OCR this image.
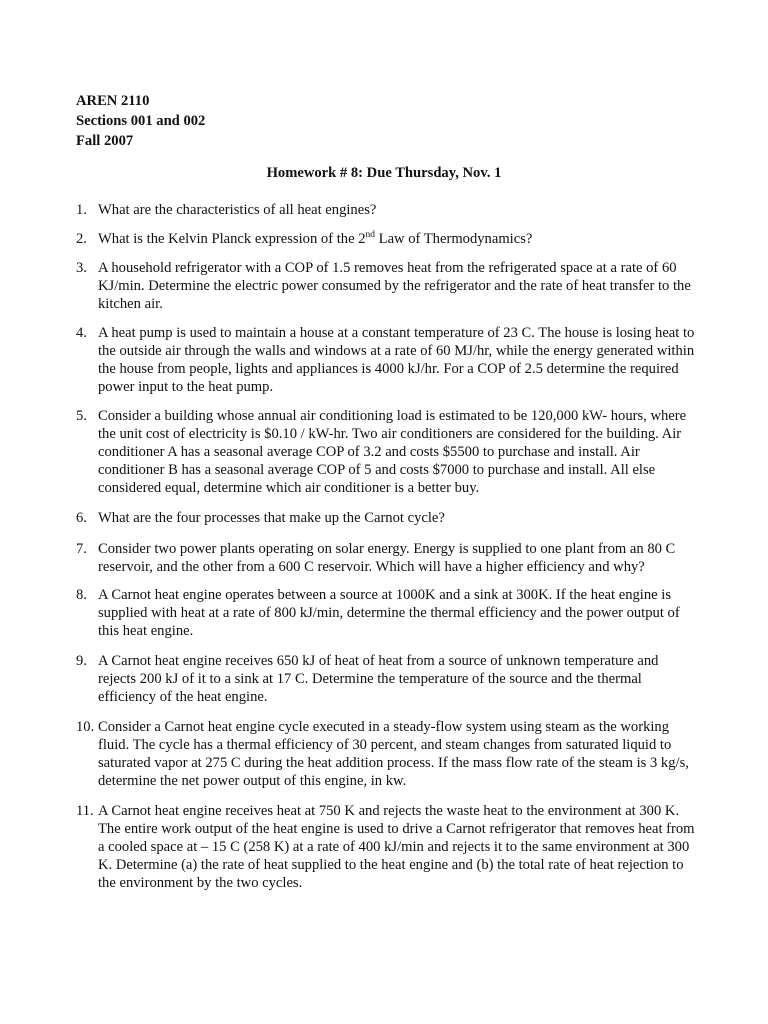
AREN 2110
Sections 001 and 002
Fall 2007
Homework # 8: Due Thursday, Nov. 1
1. What are the characteristics of all heat engines?
2. What is the Kelvin Planck expression of the 2nd Law of Thermodynamics?
3. A household refrigerator with a COP of 1.5 removes heat from the refrigerated space at a rate of 60 KJ/min. Determine the electric power consumed by the refrigerator and the rate of heat transfer to the kitchen air.
4. A heat pump is used to maintain a house at a constant temperature of 23 C. The house is losing heat to the outside air through the walls and windows at a rate of 60 MJ/hr, while the energy generated within the house from people, lights and appliances is 4000 kJ/hr. For a COP of 2.5 determine the required power input to the heat pump.
5. Consider a building whose annual air conditioning load is estimated to be 120,000 kW- hours, where the unit cost of electricity is $0.10 / kW-hr. Two air conditioners are considered for the building. Air conditioner A has a seasonal average COP of 3.2 and costs $5500 to purchase and install. Air conditioner B has a seasonal average COP of 5 and costs $7000 to purchase and install. All else considered equal, determine which air conditioner is a better buy.
6. What are the four processes that make up the Carnot cycle?
7. Consider two power plants operating on solar energy. Energy is supplied to one plant from an 80 C reservoir, and the other from a 600 C reservoir. Which will have a higher efficiency and why?
8. A Carnot heat engine operates between a source at 1000K and a sink at 300K. If the heat engine is supplied with heat at a rate of 800 kJ/min, determine the thermal efficiency and the power output of this heat engine.
9. A Carnot heat engine receives 650 kJ of heat of heat from a source of unknown temperature and rejects 200 kJ of it to a sink at 17 C. Determine the temperature of the source and the thermal efficiency of the heat engine.
10. Consider a Carnot heat engine cycle executed in a steady-flow system using steam as the working fluid. The cycle has a thermal efficiency of 30 percent, and steam changes from saturated liquid to saturated vapor at 275 C during the heat addition process. If the mass flow rate of the steam is 3 kg/s, determine the net power output of this engine, in kw.
11. A Carnot heat engine receives heat at 750 K and rejects the waste heat to the environment at 300 K. The entire work output of the heat engine is used to drive a Carnot refrigerator that removes heat from a cooled space at – 15 C (258 K) at a rate of 400 kJ/min and rejects it to the same environment at 300 K. Determine (a) the rate of heat supplied to the heat engine and (b) the total rate of heat rejection to the environment by the two cycles.
